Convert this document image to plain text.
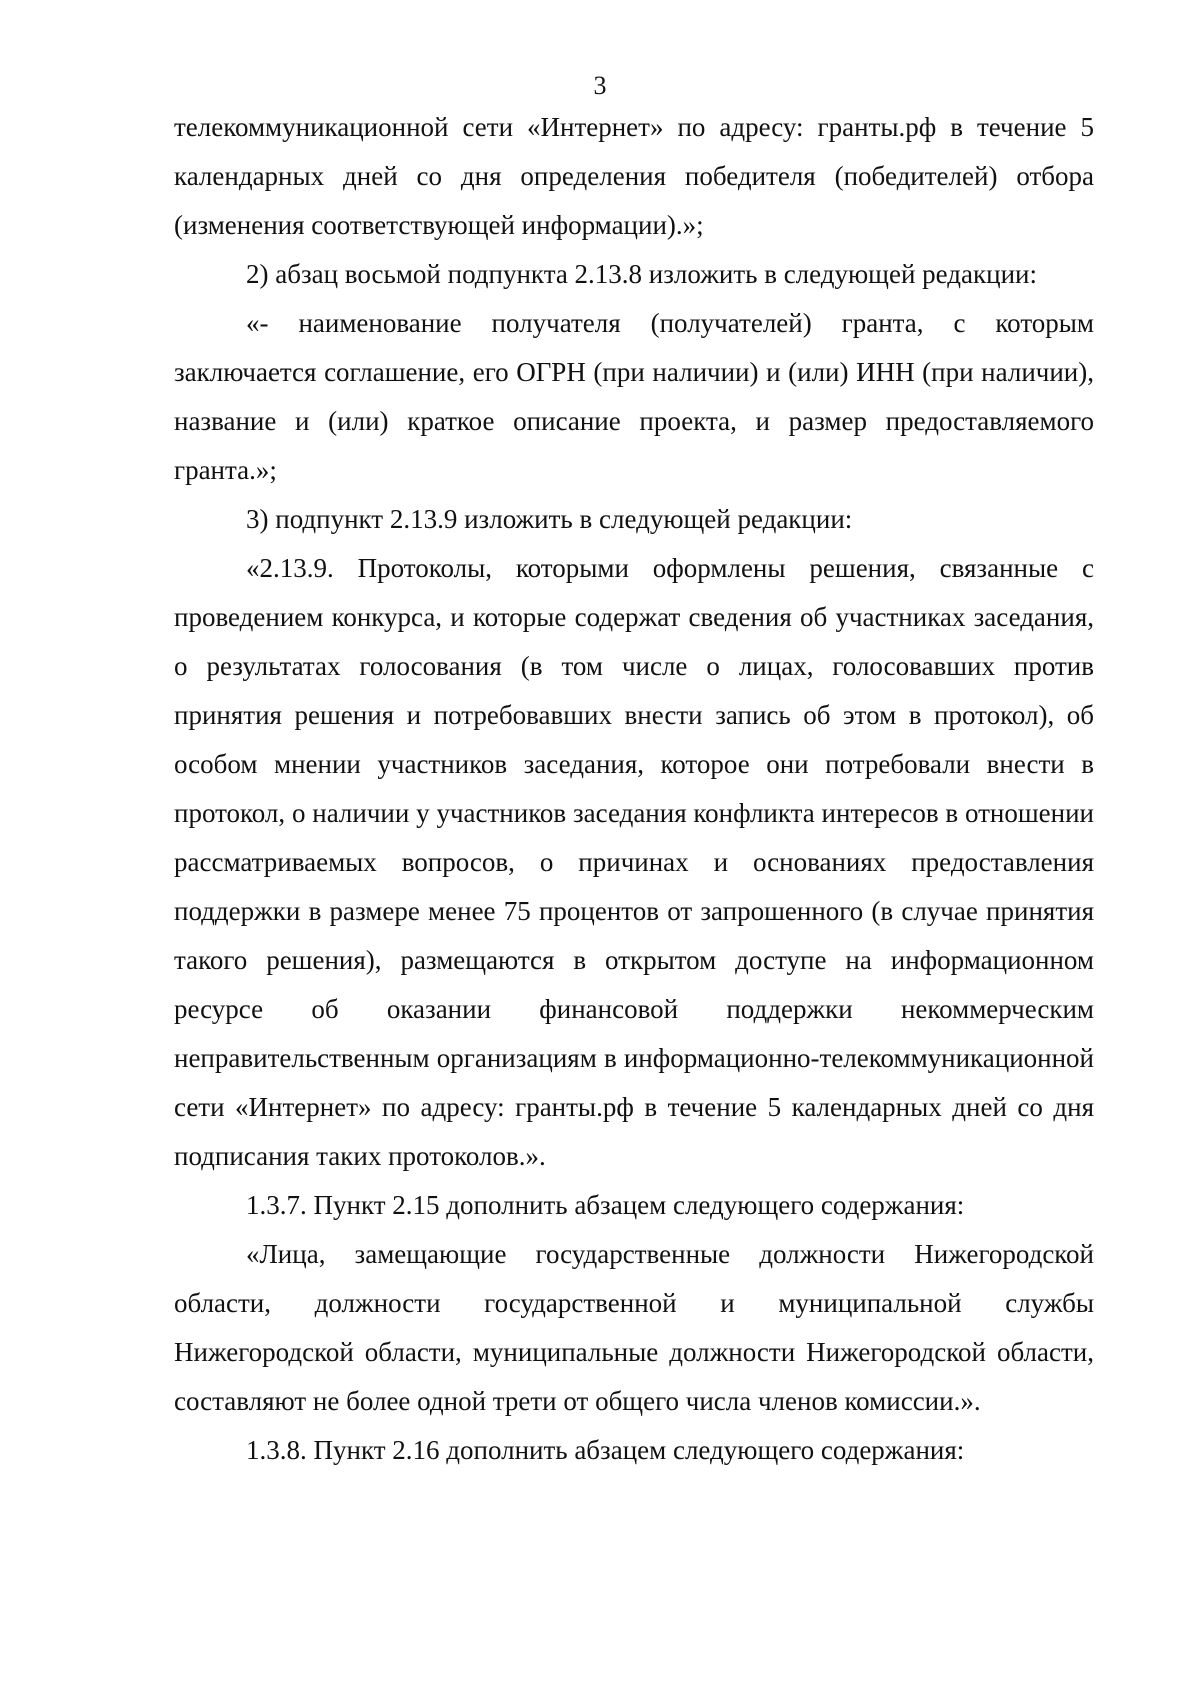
3

телекоммуникационной сети «Интернет» по адресу: гранты.рф в течение 5 календарных дней со дня определения победителя (победителей) отбора (изменения соответствующей информации).»;

2) абзац восьмой подпункта 2.13.8 изложить в следующей редакции:

«- наименование получателя (получателей) гранта, с которым заключается соглашение, его ОГРН (при наличии) и (или) ИНН (при наличии), название и (или) краткое описание проекта, и размер предоставляемого гранта.»;

3) подпункт 2.13.9 изложить в следующей редакции:

«2.13.9. Протоколы, которыми оформлены решения, связанные с проведением конкурса, и которые содержат сведения об участниках заседания, о результатах голосования (в том числе о лицах, голосовавших против принятия решения и потребовавших внести запись об этом в протокол), об особом мнении участников заседания, которое они потребовали внести в протокол, о наличии у участников заседания конфликта интересов в отношении рассматриваемых вопросов, о причинах и основаниях предоставления поддержки в размере менее 75 процентов от запрошенного (в случае принятия такого решения), размещаются в открытом доступе на информационном ресурсе об оказании финансовой поддержки некоммерческим неправительственным организациям в информационно-телекоммуникационной сети «Интернет» по адресу: гранты.рф в течение 5 календарных дней со дня подписания таких протоколов.».

1.3.7. Пункт 2.15 дополнить абзацем следующего содержания:

«Лица, замещающие государственные должности Нижегородской области, должности государственной и муниципальной службы Нижегородской области, муниципальные должности Нижегородской области, составляют не более одной трети от общего числа членов комиссии.».

1.3.8. Пункт 2.16 дополнить абзацем следующего содержания:
